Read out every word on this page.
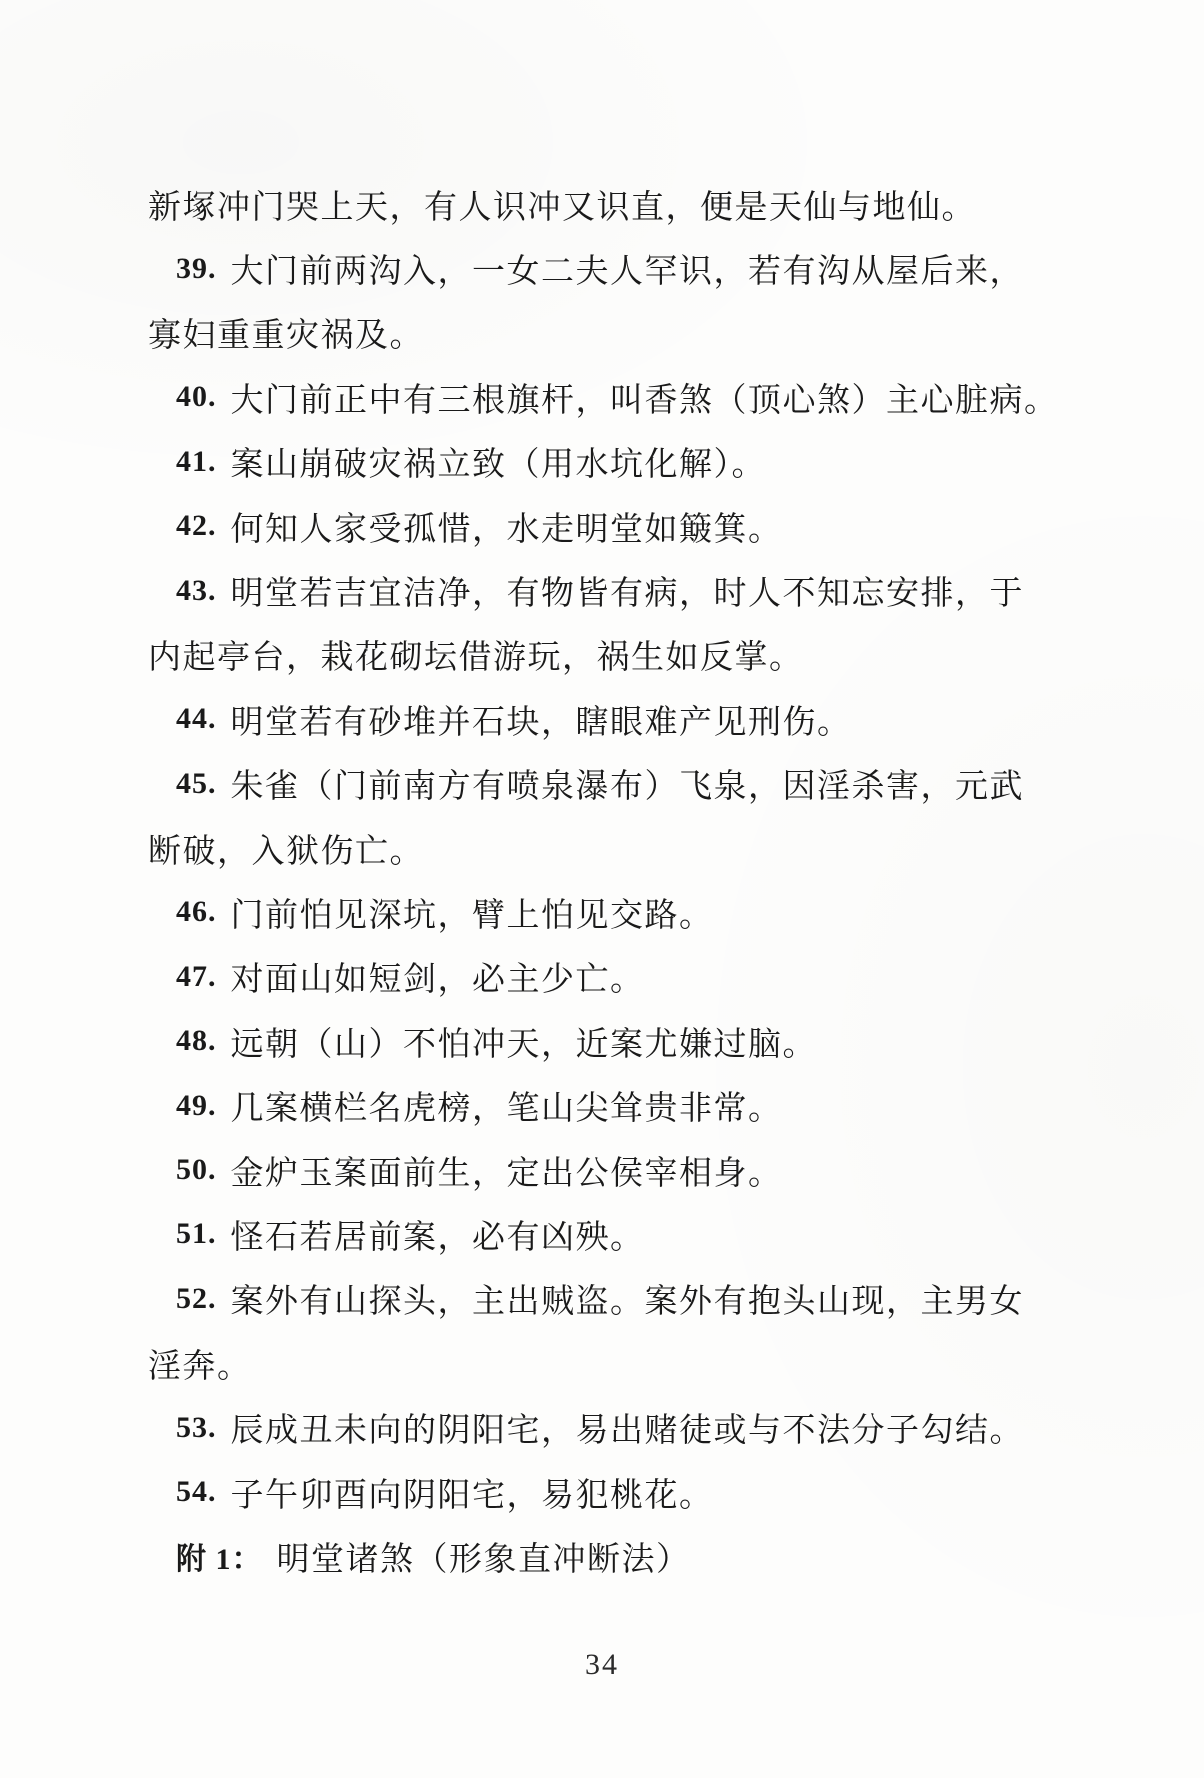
新塚冲门哭上天，有人识冲又识直，便是天仙与地仙。
39. 大门前两沟入，一女二夫人罕识，若有沟从屋后来，
寡妇重重灾祸及。
40. 大门前正中有三根旗杆，叫香煞（顶心煞）主心脏病。
41. 案山崩破灾祸立致（用水坑化解）。
42. 何知人家受孤惜，水走明堂如簸箕。
43. 明堂若吉宜洁净，有物皆有病，时人不知忘安排，于
内起亭台，栽花砌坛借游玩，祸生如反掌。
44. 明堂若有砂堆并石块，瞎眼难产见刑伤。
45. 朱雀（门前南方有喷泉瀑布）飞泉，因淫杀害，元武
断破，入狱伤亡。
46. 门前怕见深坑，臂上怕见交路。
47. 对面山如短剑，必主少亡。
48. 远朝（山）不怕冲天，近案尤嫌过脑。
49. 几案横栏名虎榜，笔山尖耸贵非常。
50. 金炉玉案面前生，定出公侯宰相身。
51. 怪石若居前案，必有凶殃。
52. 案外有山探头，主出贼盗。案外有抱头山现，主男女
淫奔。
53. 辰成丑未向的阴阳宅，易出赌徒或与不法分子勾结。
54. 子午卯酉向阴阳宅，易犯桃花。
附 1： 明堂诸煞（形象直冲断法）
34
